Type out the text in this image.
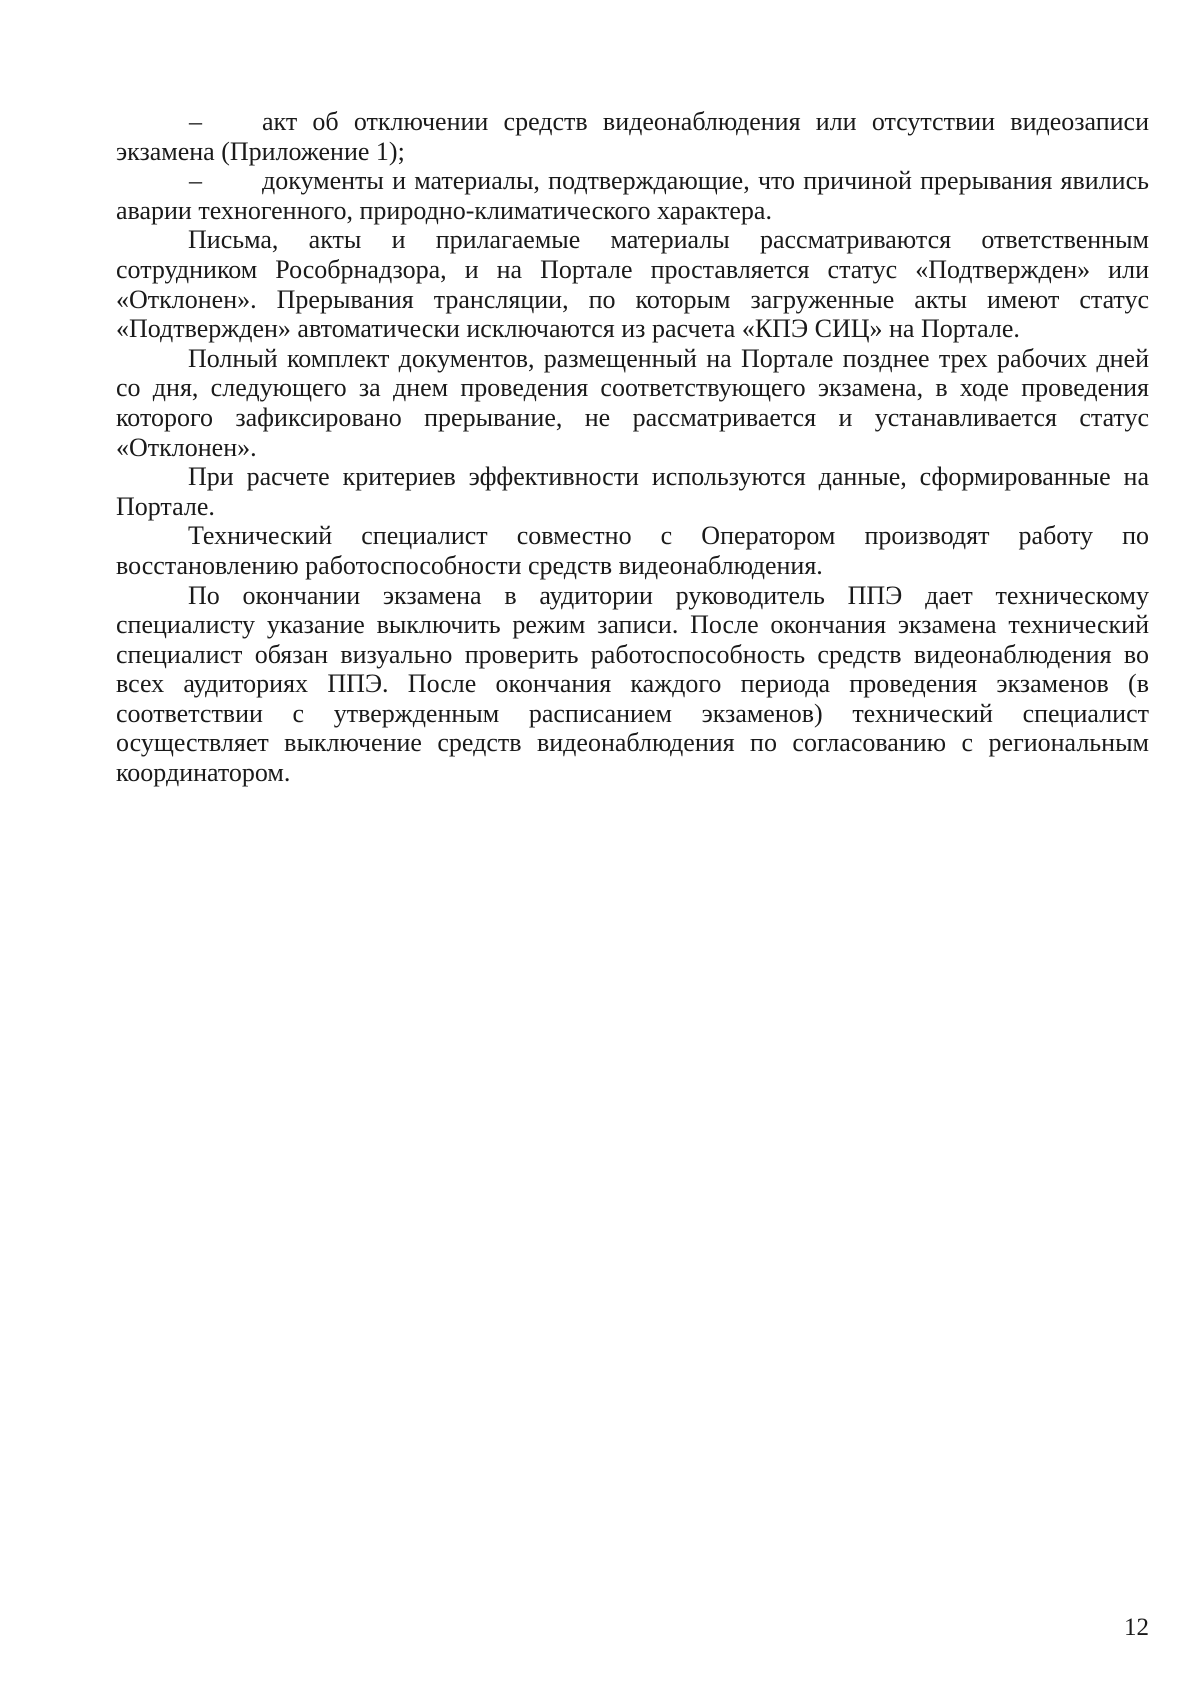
– акт об отключении средств видеонаблюдения или отсутствии видеозаписи экзамена (Приложение 1);

– документы и материалы, подтверждающие, что причиной прерывания явились аварии техногенного, природно-климатического характера.

Письма, акты и прилагаемые материалы рассматриваются ответственным сотрудником Рособрнадзора, и на Портале проставляется статус «Подтвержден» или «Отклонен». Прерывания трансляции, по которым загруженные акты имеют статус «Подтвержден» автоматически исключаются из расчета «КПЭ СИЦ» на Портале.

Полный комплект документов, размещенный на Портале позднее трех рабочих дней со дня, следующего за днем проведения соответствующего экзамена, в ходе проведения которого зафиксировано прерывание, не рассматривается и устанавливается статус «Отклонен».

При расчете критериев эффективности используются данные, сформированные на Портале.

Технический специалист совместно с Оператором производят работу по восстановлению работоспособности средств видеонаблюдения.

По окончании экзамена в аудитории руководитель ППЭ дает техническому специалисту указание выключить режим записи. После окончания экзамена технический специалист обязан визуально проверить работоспособность средств видеонаблюдения во всех аудиториях ППЭ. После окончания каждого периода проведения экзаменов (в соответствии с утвержденным расписанием экзаменов) технический специалист осуществляет выключение средств видеонаблюдения по согласованию с региональным координатором.

12
